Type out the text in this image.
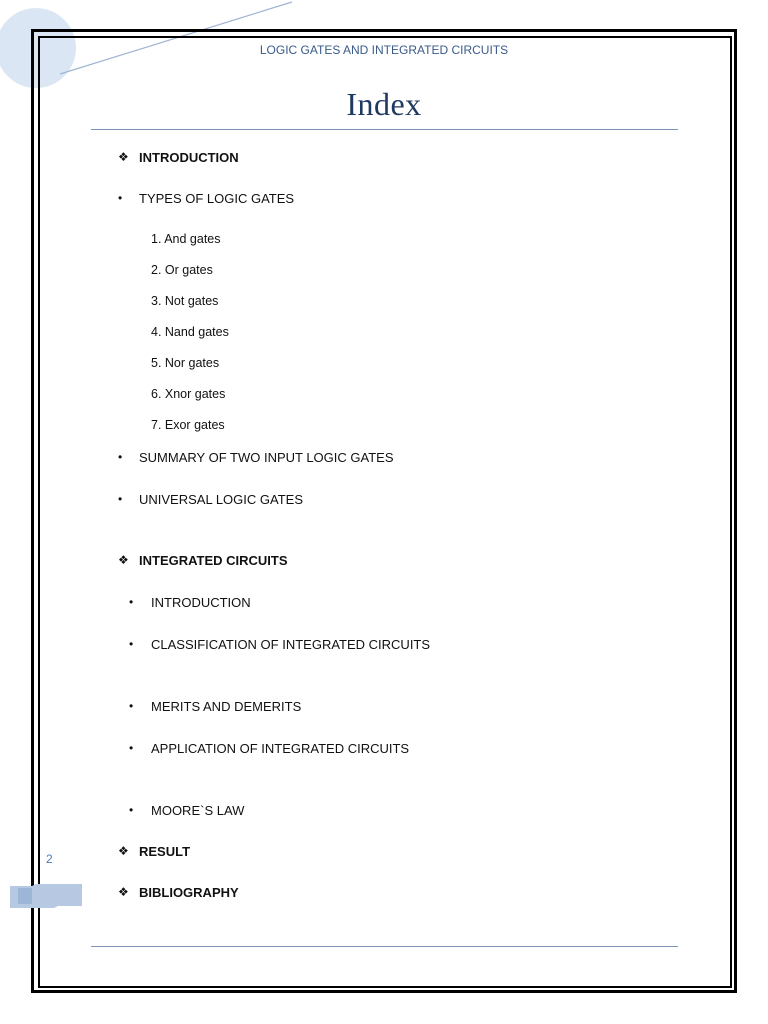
LOGIC GATES AND INTEGRATED CIRCUITS
Index
❖ INTRODUCTION
• TYPES OF LOGIC GATES
1. And gates
2. Or gates
3. Not gates
4. Nand gates
5. Nor gates
6. Xnor gates
7. Exor gates
• SUMMARY OF TWO INPUT LOGIC GATES
• UNIVERSAL LOGIC GATES
❖ INTEGRATED CIRCUITS
• INTRODUCTION
• CLASSIFICATION OF INTEGRATED CIRCUITS
• MERITS AND DEMERITS
• APPLICATION OF INTEGRATED CIRCUITS
• MOORE`S LAW
❖ RESULT
❖ BIBLIOGRAPHY
2
